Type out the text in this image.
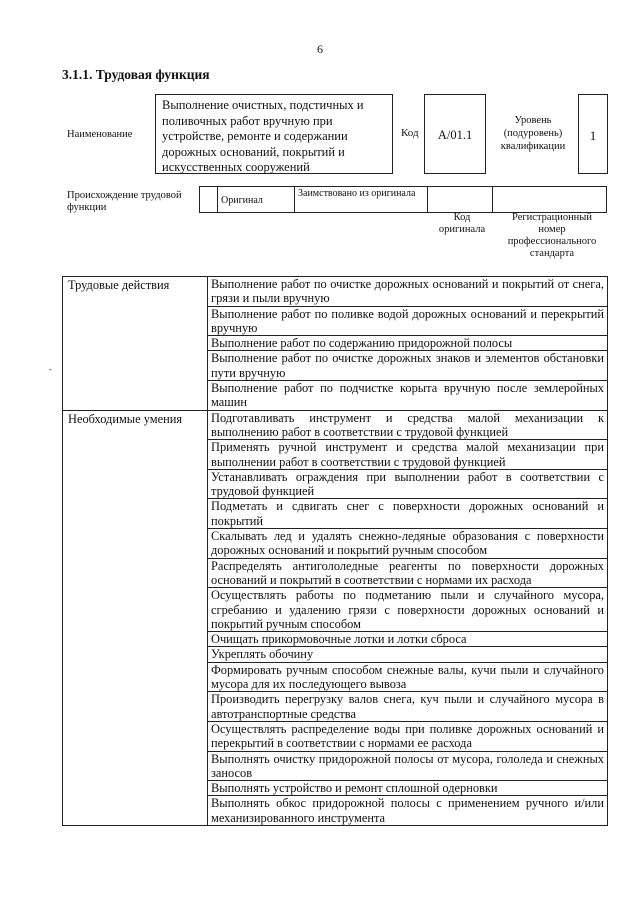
6
3.1.1. Трудовая функция
Наименование
Выполнение очистных, подстичных и поливочных работ вручную при устройстве, ремонте и содержании дорожных оснований, покрытий и искусственных сооружений
Код	A/01.1
Уровень (подуровень) квалификации
1
Происхождение трудовой функции
Оригинал
Заимствовано из оригинала
Код оригинала
Регистрационный номер профессионального стандарта
-
Трудовые действия	Выполнение работ по очистке дорожных оснований и покрытий от снега, грязи и пыли вручную
	Выполнение работ по поливке водой дорожных оснований и перекрытий вручную
	Выполнение работ по содержанию придорожной полосы
	Выполнение работ по очистке дорожных знаков и элементов обстановки пути вручную
	Выполнение работ по подчистке корыта вручную после землеройных машин
Необходимые умения	Подготавливать инструмент и средства малой механизации к выполнению работ в соответствии с трудовой функцией
	Применять ручной инструмент и средства малой механизации при выполнении работ в соответствии с трудовой функцией
	Устанавливать ограждения при выполнении работ в соответствии с трудовой функцией
	Подметать и сдвигать снег с поверхности дорожных оснований и покрытий
	Скалывать лед и удалять снежно-ледяные образования с поверхности дорожных оснований и покрытий ручным способом
	Распределять антигололедные реагенты по поверхности дорожных оснований и покрытий в соответствии с нормами их расхода
	Осуществлять работы по подметанию пыли и случайного мусора, сгребанию и удалению грязи с поверхности дорожных оснований и покрытий ручным способом
	Очищать прикормовочные лотки и лотки сброса
	Укреплять обочину
	Формировать ручным способом снежные валы, кучи пыли и случайного мусора для их последующего вывоза
	Производить перегрузку валов снега, куч пыли и случайного мусора в автотранспортные средства
	Осуществлять распределение воды при поливке дорожных оснований и перекрытий в соответствии с нормами ее расхода
	Выполнять очистку придорожной полосы от мусора, гололеда и снежных заносов
	Выполнять устройство и ремонт сплошной одерновки
	Выполнять обкос придорожной полосы с применением ручного и/или механизированного инструмента
